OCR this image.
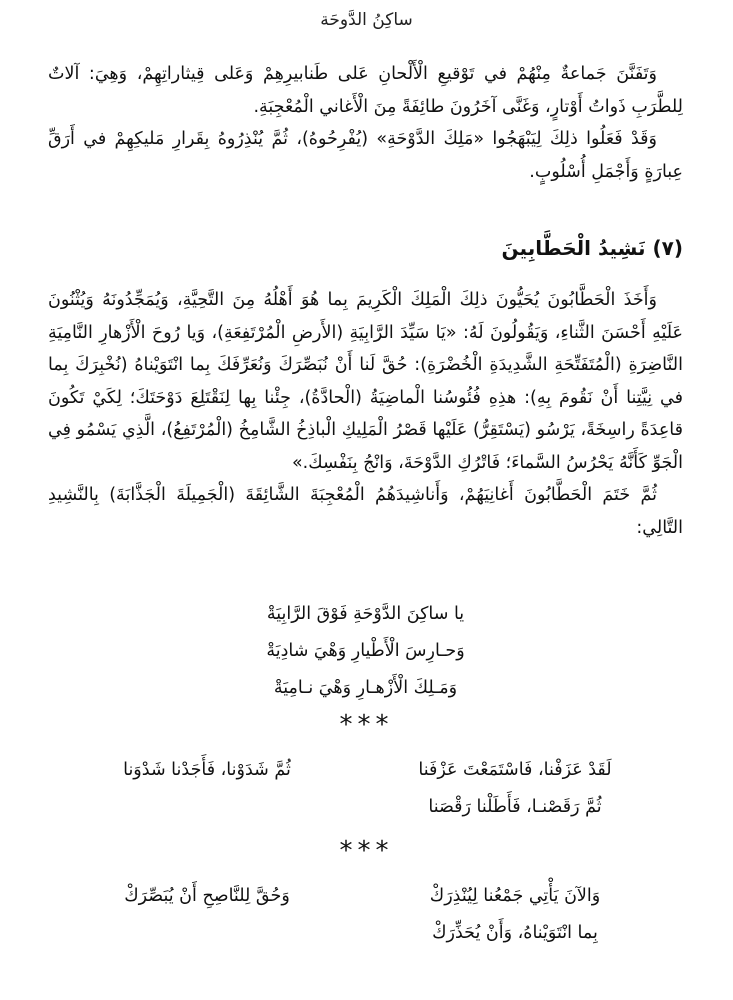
ساكِنُ الدَّوحَة

وَتَفَنَّنَ جَماعةٌ مِنْهُمْ في تَوْقيعِ الْأَلْحانِ عَلى طَنابيرِهِمْ وَعَلى قِيثاراتِهِمْ، وَهِيَ: آلاتٌ لِلطَّرَبِ ذَواتُ أَوْتارٍ، وَغَنَّى آخَرُونَ طائِفَةً مِنَ الْأَغاني الْمُعْجِبَةِ.

وَقَدْ فَعَلُوا ذلِكَ لِيَبْهَجُوا «مَلِكَ الدَّوْحَةِ» (يُفْرِحُوهُ)، ثُمَّ يُنْذِرُوهُ بِقَرارِ مَليكِهِمْ في أَرَقِّ عِبارَةٍ وَأَجْمَلِ أُسْلُوبٍ.

(٧) نَشِيدُ الْحَطَّابِينَ

وَأَخَذَ الْحَطَّابُونَ يُحَيُّونَ ذلِكَ الْمَلِكَ الْكَرِيمَ بِما هُوَ أَهْلُهُ مِنَ التَّحِيَّةِ، وَيُمَجِّدُونَهُ وَيُثْنُونَ عَلَيْهِ أَحْسَنَ الثَّناءِ، وَيَقُولُونَ لَهُ: «يَا سَيِّدَ الرَّابِيَةِ (الأَرضِ الْمُرْتَفِعَةِ)، وَيا رُوحَ الْأَزْهارِ النَّامِيَةِ النَّاضِرَةِ (الْمُتَفَتِّحَةِ الشَّدِيدَةِ الْخُضْرَةِ): حُقَّ لَنا أَنْ نُبَصِّرَكَ وَنُعَرِّفَكَ بِما انْتَوَيْناهُ (نُخْبِرَكَ بِما في نِيَّتِنا أَنْ نَقُومَ بِهِ): هذِهِ فُئُوسُنا الْماضِيَةُ (الْحادَّةُ)، جِئْنا بِها لِنَقْتَلِعَ دَوْحَتَكَ؛ لِكَيْ تَكُونَ قاعِدَةً راسِخَةً، يَرْسُو (يَسْتَقِرُّ) عَلَيْها قَصْرُ الْمَلِيكِ الْباذِخُ الشَّامِخُ (الْمُرْتَفِعُ)، الَّذِي يَسْمُو فِي الْجَوِّ كَأَنَّهُ يَحْرُسُ السَّماءَ؛ فَاتْرُكِ الدَّوْحَةَ، وَانْجُ بِنَفْسِكَ.»

ثُمَّ خَتَمَ الْحَطَّابُونَ أَغانِيَهُمْ، وَأَناشِيدَهُمُ الْمُعْجِبَةَ الشَّائِقَةَ (الْجَمِيلَةَ الْجَذَّابَةَ) بِالنَّشِيدِ التَّالِي:

يا ساكِنَ الدَّوْحَةِ فَوْقَ الرَّابِيَةْ
وَحـارِسَ الْأَطْيارِ وَهْيَ شادِيَةْ
وَمَـلِكَ الْأَزْهـارِ وَهْيَ نـامِيَةْ
***
لَقَدْ عَزَفْنا، فَاسْتَمَعْتَ عَزْفَناثُمَّ شَدَوْنا، فَأَجَدْنا شَدْوَنا
ثُمَّ رَقَصْنـا، فَأَطَلْنا رَقْصَنا
***
وَالآنَ يَأْتِي جَمْعُنا لِيُنْذِرَكْوَحُقَّ لِلنَّاصِحِ أَنْ يُبَصِّرَكْ
بِما انْتَوَيْناهُ، وَأَنْ يُحَذِّرَكْ
